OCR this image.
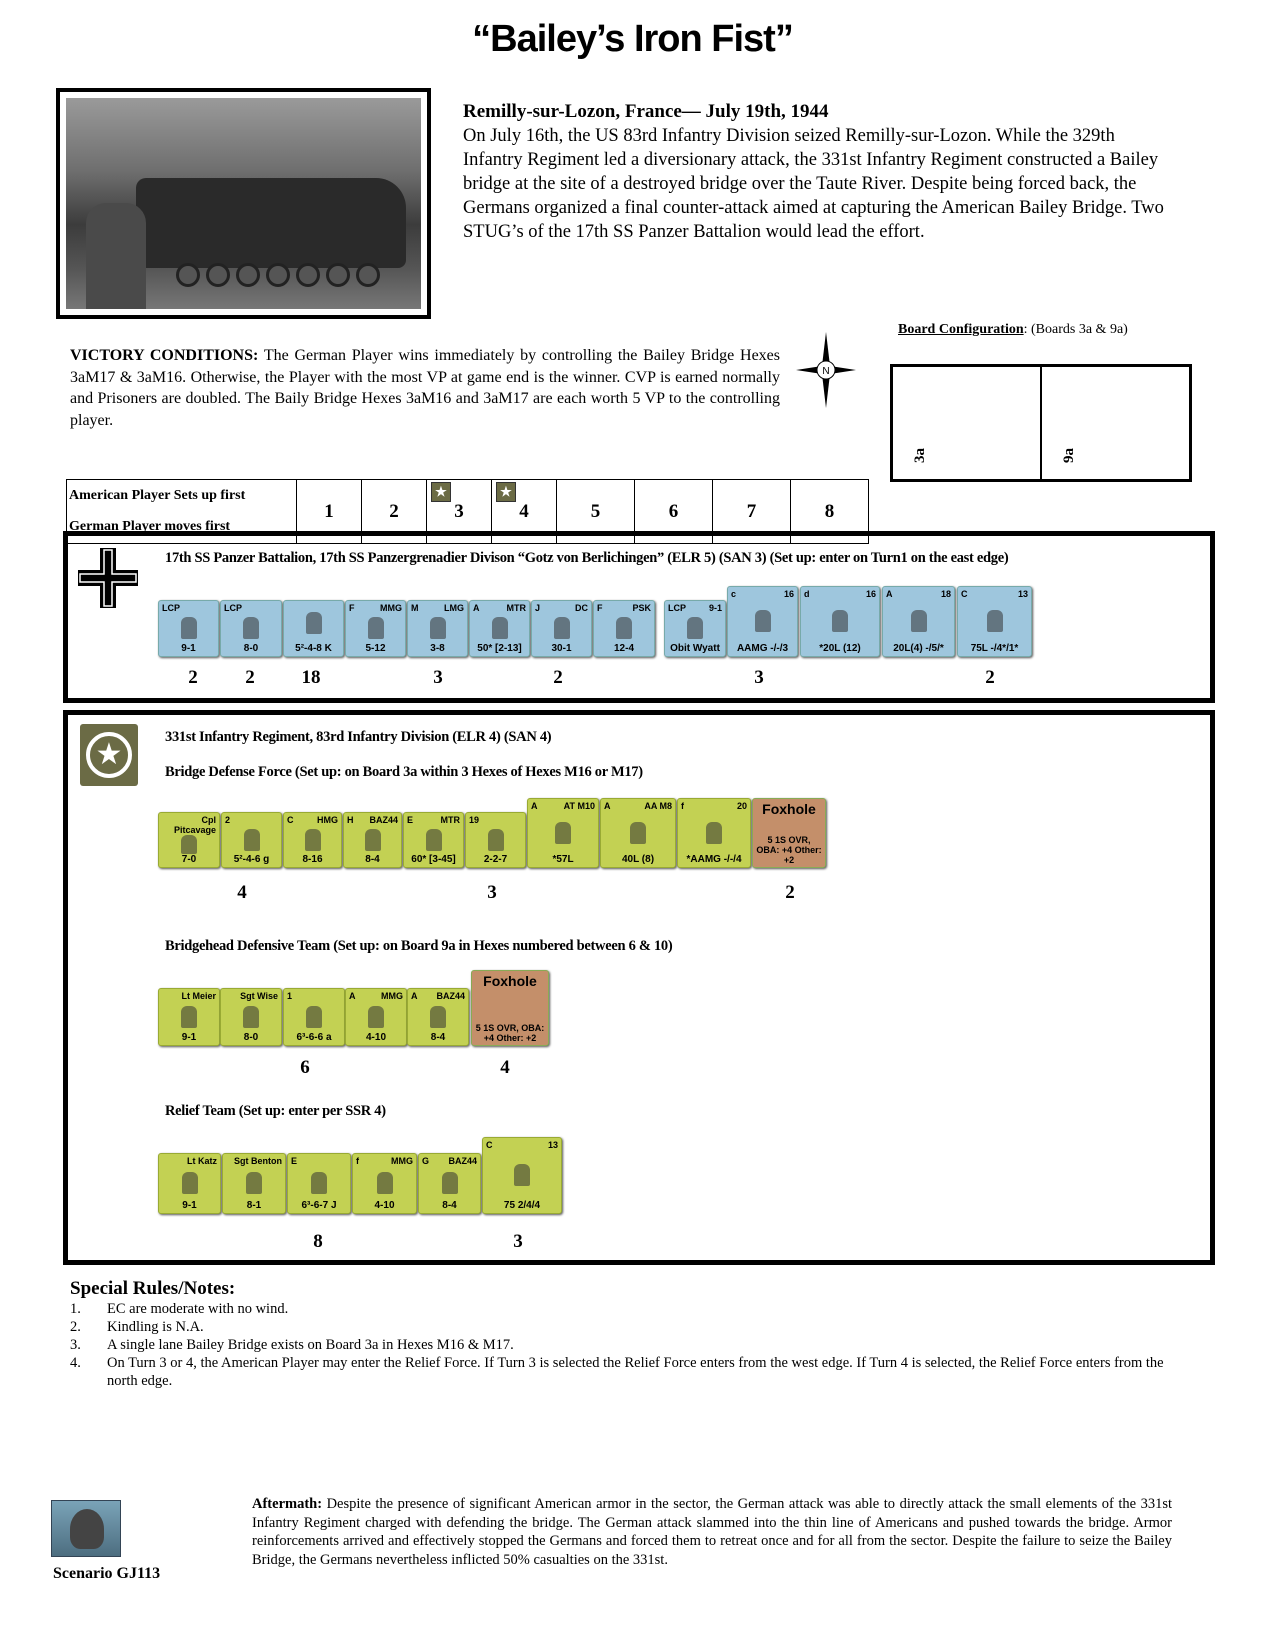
“Bailey’s Iron Fist”
Remilly-sur-Lozon, France— July 19th, 1944
On July 16th, the US 83rd Infantry Division seized Remilly-sur-Lozon. While the 329th Infantry Regiment led a diversionary attack, the 331st Infantry Regiment constructed a Bailey bridge at the site of a destroyed bridge over the Taute River. Despite being forced back, the Germans organized a final counter-attack aimed at capturing the American Bailey Bridge. Two STUG’s of the 17th SS Panzer Battalion would lead the effort.
VICTORY CONDITIONS: The German Player wins immediately by controlling the Bailey Bridge Hexes 3aM17 & 3aM16. Otherwise, the Player with the most VP at game end is the winner. CVP is earned normally and Prisoners are doubled. The Baily Bridge Hexes 3aM16 and 3aM17 are each worth 5 VP to the controlling player.
N
Board Configuration: (Boards 3a & 9a)
3a	9a
American Player Sets up first
German Player moves first
	1	2	
★
3	
★
4	5	6	7	8
17th SS Panzer Battalion, 17th SS Panzergrenadier Divison “Gotz von Berlichingen” (ELR 5) (SAN 3) (Set up: enter on Turn1 on the east edge)
LCP
9-1
LCP
8-0	5²-4-8 K
F	MMG
5-12
M	LMG
3-8
A	MTR
50* [2-13]
J	DC
30-1
F	PSK
12-4
LCP	9-1
Obit Wyatt
c	16
AAMG -/-/3
d	16
*20L (12)
A	18
20L(4) -/5/*
C	13
75L -/4*/1*
2	2	18	3	2	3	2
★
331st Infantry Regiment, 83rd Infantry Division (ELR 4) (SAN 4)
Bridge Defense Force (Set up: on Board 3a within 3 Hexes of Hexes M16 or M17)
Bridgehead Defensive Team (Set up: on Board 9a in Hexes numbered between 6 & 10)
Relief Team (Set up: enter per SSR 4)
Cpl Pitcavage
7-0
2
5²-4-6 g
C	HMG
8-16
H	BAZ44
8-4
E	MTR
60* [3-45]
19
2-2-7
A	AT M10
*57L
A	AA M8
40L (8)
f	20
*AAMG -/-/4
Foxhole
5 1S OVR, OBA: +4 Other: +2
4	3	2
Lt Meier
9-1
Sgt Wise
8-0
1
6³-6-6 a
A	MMG
4-10
A	BAZ44
8-4
Foxhole
5 1S OVR, OBA: +4 Other: +2
6	4
Lt Katz
9-1
Sgt Benton
8-1
E
6³-6-7 J
f	MMG
4-10
G	BAZ44
8-4
C	13
75 2/4/4
8	3
Special Rules/Notes:
1.	EC are moderate with no wind.
2.	Kindling is N.A.
3.	A single lane Bailey Bridge exists on Board 3a in Hexes M16 & M17.
4.	On Turn 3 or 4, the American Player may enter the Relief Force. If Turn 3 is selected the Relief Force enters from the west edge. If Turn 4 is selected, the Relief Force enters from the north edge.
Scenario GJ113
Aftermath: Despite the presence of significant American armor in the sector, the German attack was able to directly attack the small elements of the 331st Infantry Regiment charged with defending the bridge. The German attack slammed into the thin line of Americans and pushed towards the bridge. Armor reinforcements arrived and effectively stopped the Germans and forced them to retreat once and for all from the sector. Despite the failure to seize the Bailey Bridge, the Germans nevertheless inflicted 50% casualties on the 331st.
